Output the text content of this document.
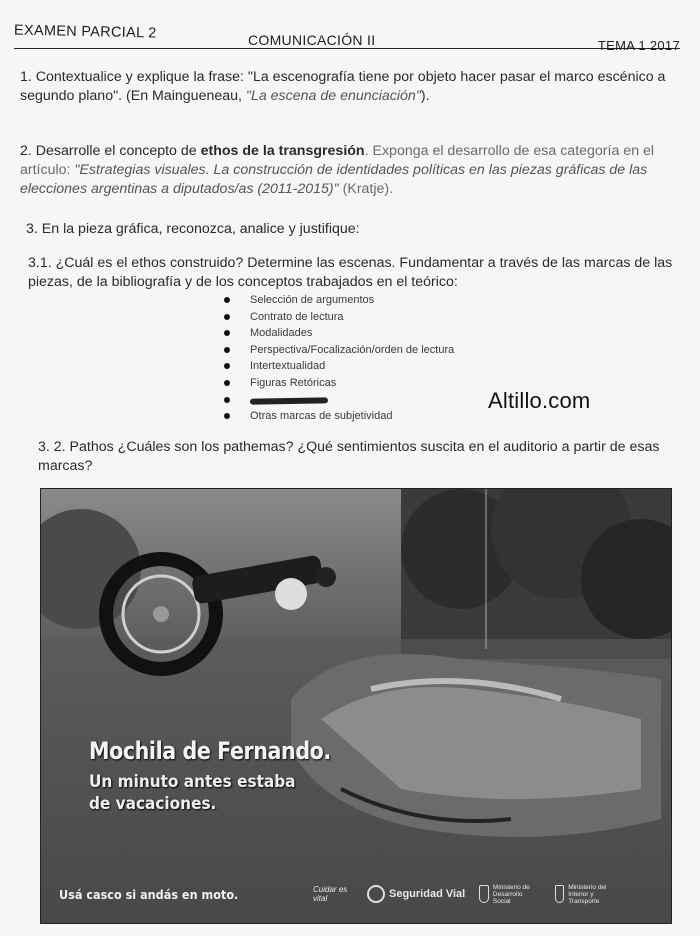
EXAMEN PARCIAL 2	COMUNICACIÓN II	TEMA 1 2017
1. Contextualice y explique la frase: "La escenografía tiene por objeto hacer pasar el marco escénico a segundo plano". (En Maingueneau, "La escena de enunciación").
2. Desarrolle el concepto de ethos de la transgresión. Exponga el desarrollo de esa categoría en el artículo: "Estrategias visuales. La construcción de identidades políticas en las piezas gráficas de las elecciones argentinas a diputados/as (2011-2015)" (Kratje).
3. En la pieza gráfica, reconozca, analice y justifique:
3.1. ¿Cuál es el ethos construido? Determine las escenas. Fundamentar a través de las marcas de las piezas, de la bibliografía y de los conceptos trabajados en el teórico:
Selección de argumentos
Contrato de lectura
Modalidades
Perspectiva/Focalización/orden de lectura
Intertextualidad
Figuras Retóricas
Otras marcas de subjetividad
Altillo.com
3. 2. Pathos ¿Cuáles son los pathemas? ¿Qué sentimientos suscita en el auditorio a partir de esas marcas?
Mochila de Fernando.
Un minuto antes estaba
de vacaciones.
Usá casco si andás en moto.	Cuidar es vital	Seguridad Vial
Ministerio de Desarrollo Social
Ministerio del Interior y Transporte
